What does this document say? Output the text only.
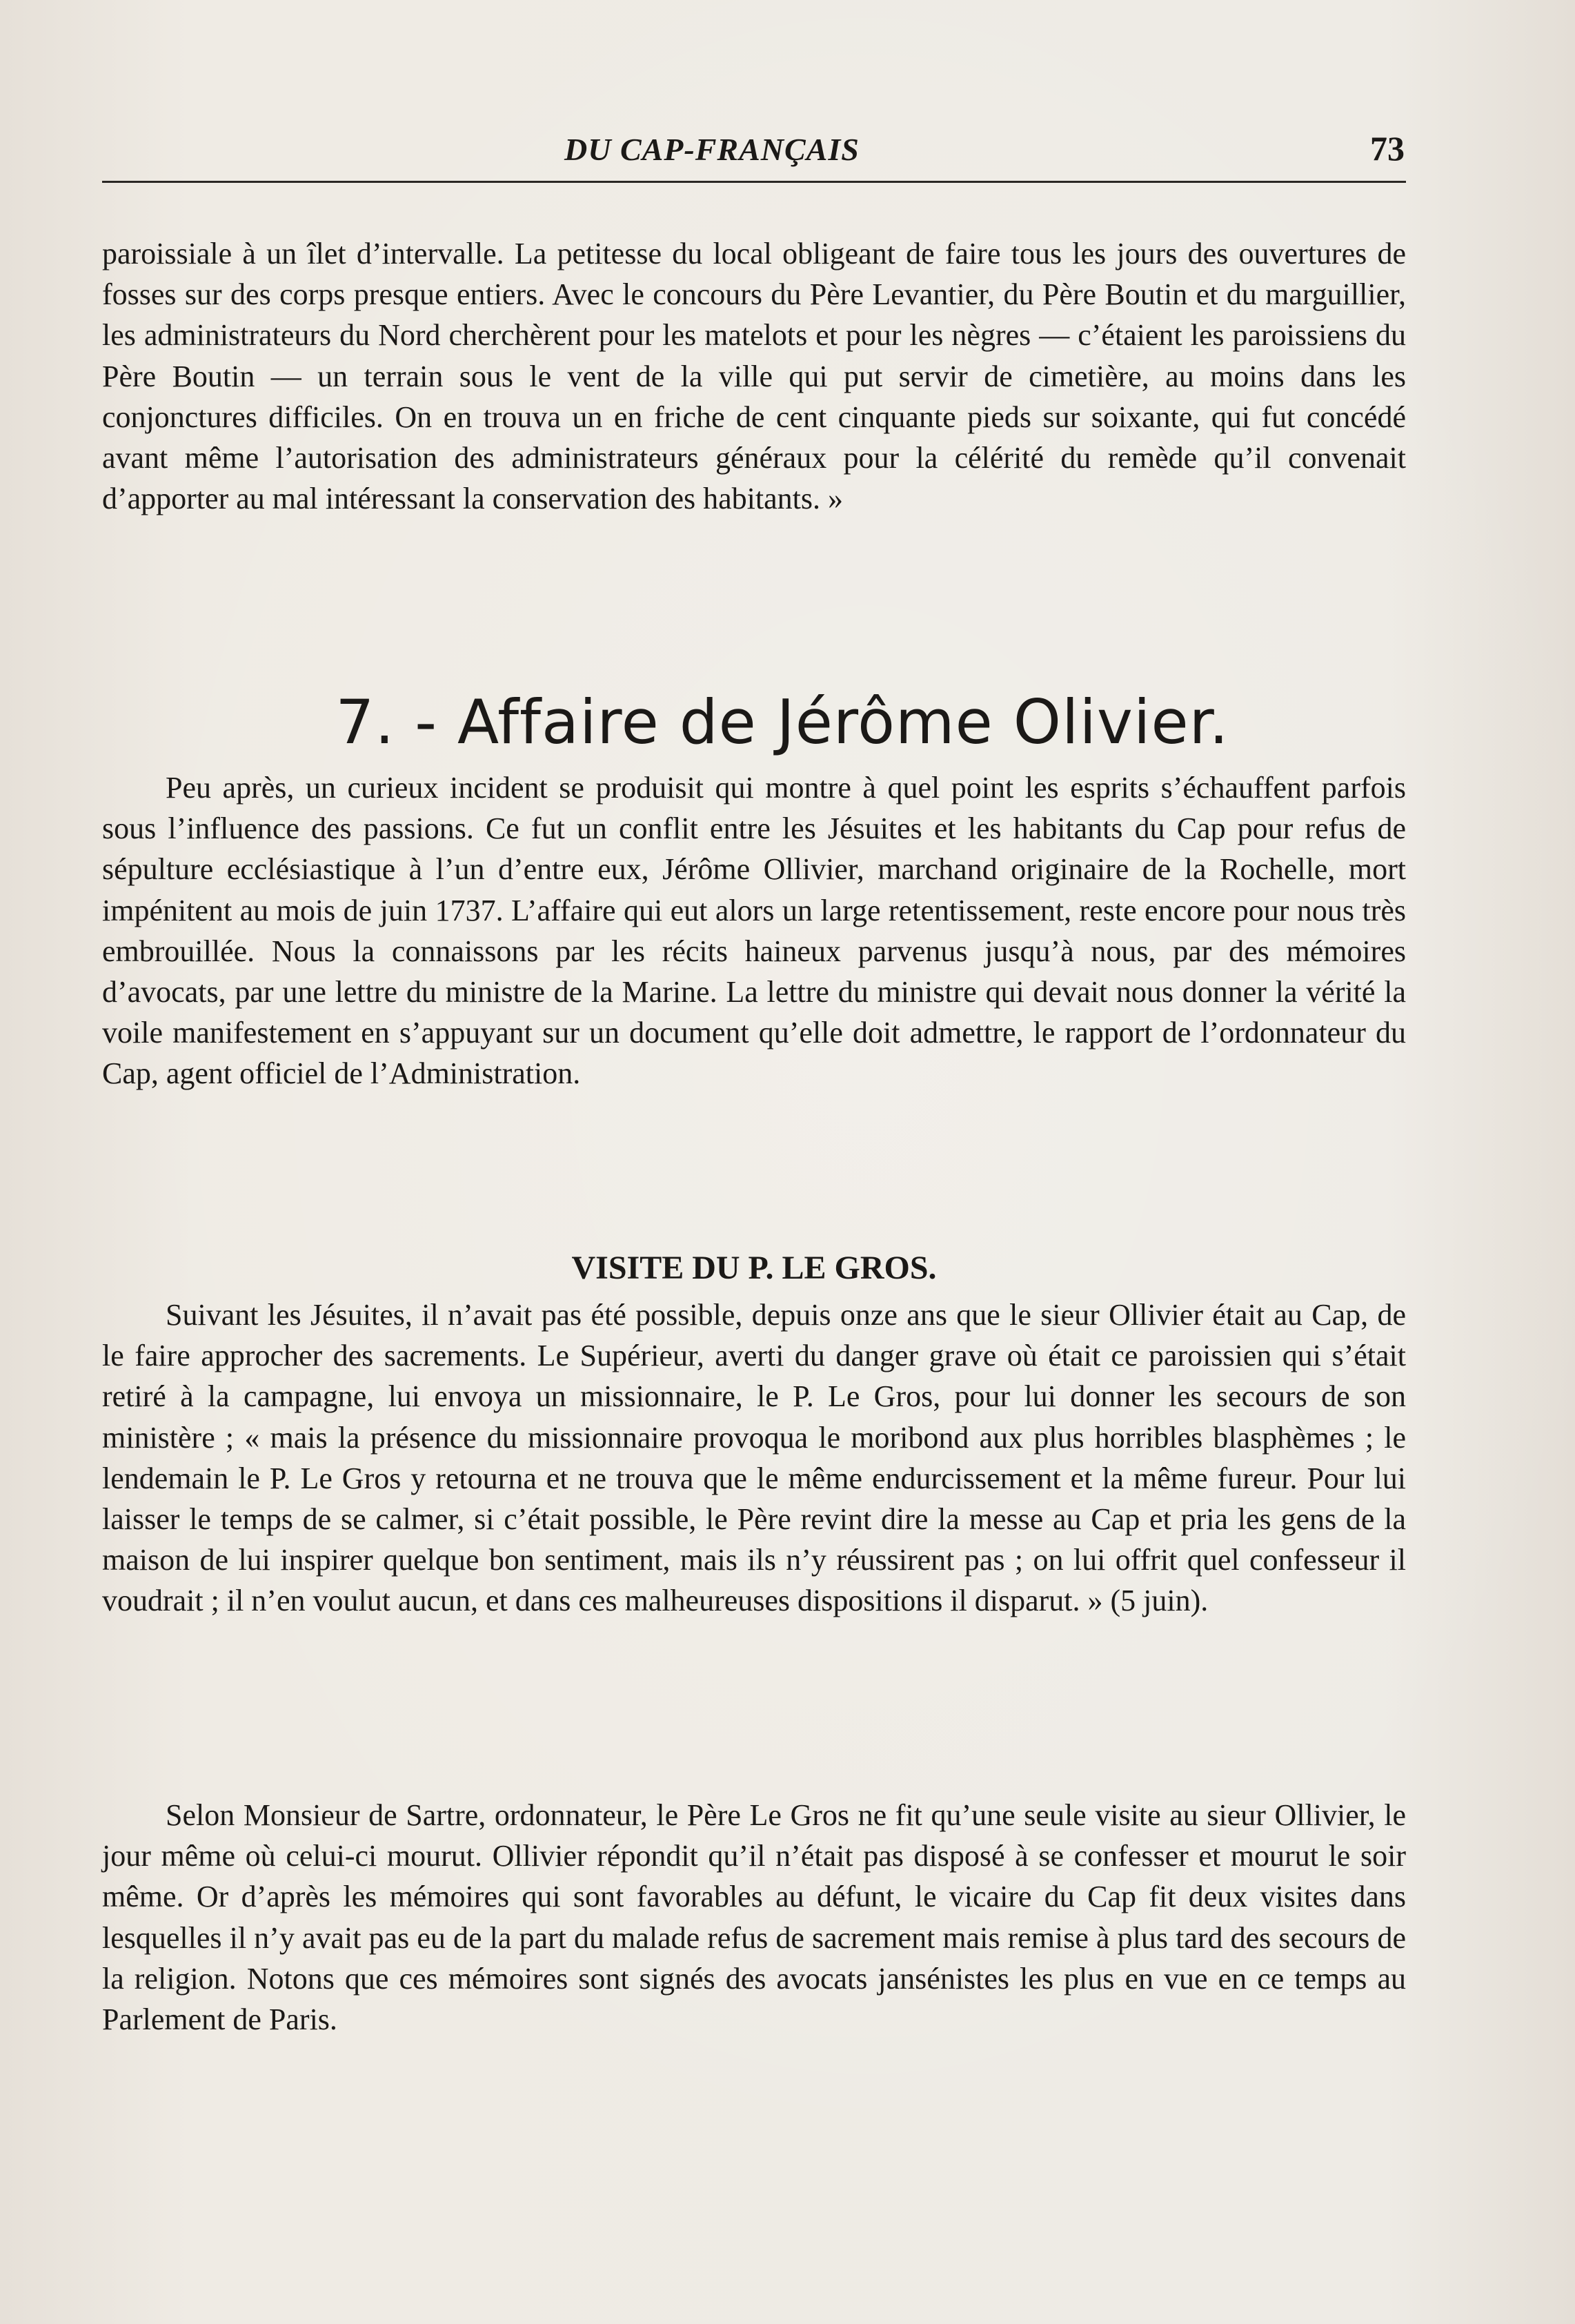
DU CAP-FRANÇAIS	73

paroissiale à un îlet d’intervalle. La petitesse du local obligeant de faire tous les jours des ouvertures de fosses sur des corps presque entiers. Avec le concours du Père Levantier, du Père Boutin et du marguillier, les administrateurs du Nord cherchèrent pour les matelots et pour les nègres — c’étaient les paroissiens du Père Boutin — un terrain sous le vent de la ville qui put servir de cimetière, au moins dans les conjonctures difficiles. On en trouva un en friche de cent cinquante pieds sur soixante, qui fut concédé avant même l’autorisation des administrateurs généraux pour la célérité du remède qu’il convenait d’apporter au mal intéressant la conservation des habitants. »

7. - Affaire de Jérôme Olivier.

Peu après, un curieux incident se produisit qui montre à quel point les esprits s’échauffent parfois sous l’influence des passions. Ce fut un conflit entre les Jésuites et les habitants du Cap pour refus de sépulture ecclésiastique à l’un d’entre eux, Jérôme Ollivier, marchand originaire de la Rochelle, mort impénitent au mois de juin 1737. L’affaire qui eut alors un large retentissement, reste encore pour nous très embrouillée. Nous la connaissons par les récits haineux parvenus jusqu’à nous, par des mémoires d’avocats, par une lettre du ministre de la Marine. La lettre du ministre qui devait nous donner la vérité la voile manifestement en s’appuyant sur un document qu’elle doit admettre, le rapport de l’ordonnateur du Cap, agent officiel de l’Administration.

VISITE DU P. LE GROS.

Suivant les Jésuites, il n’avait pas été possible, depuis onze ans que le sieur Ollivier était au Cap, de le faire approcher des sacrements. Le Supérieur, averti du danger grave où était ce paroissien qui s’était retiré à la campagne, lui envoya un missionnaire, le P. Le Gros, pour lui donner les secours de son ministère ; « mais la présence du missionnaire provoqua le moribond aux plus horribles blasphèmes ; le lendemain le P. Le Gros y retourna et ne trouva que le même endurcissement et la même fureur. Pour lui laisser le temps de se calmer, si c’était possible, le Père revint dire la messe au Cap et pria les gens de la maison de lui inspirer quelque bon sentiment, mais ils n’y réussirent pas ; on lui offrit quel confesseur il voudrait ; il n’en voulut aucun, et dans ces malheureuses dispositions il disparut. » (5 juin).

Selon Monsieur de Sartre, ordonnateur, le Père Le Gros ne fit qu’une seule visite au sieur Ollivier, le jour même où celui-ci mourut. Ollivier répondit qu’il n’était pas disposé à se confesser et mourut le soir même. Or d’après les mémoires qui sont favorables au défunt, le vicaire du Cap fit deux visites dans lesquelles il n’y avait pas eu de la part du malade refus de sacrement mais remise à plus tard des secours de la religion. Notons que ces mémoires sont signés des avocats jansénistes les plus en vue en ce temps au Parlement de Paris.
